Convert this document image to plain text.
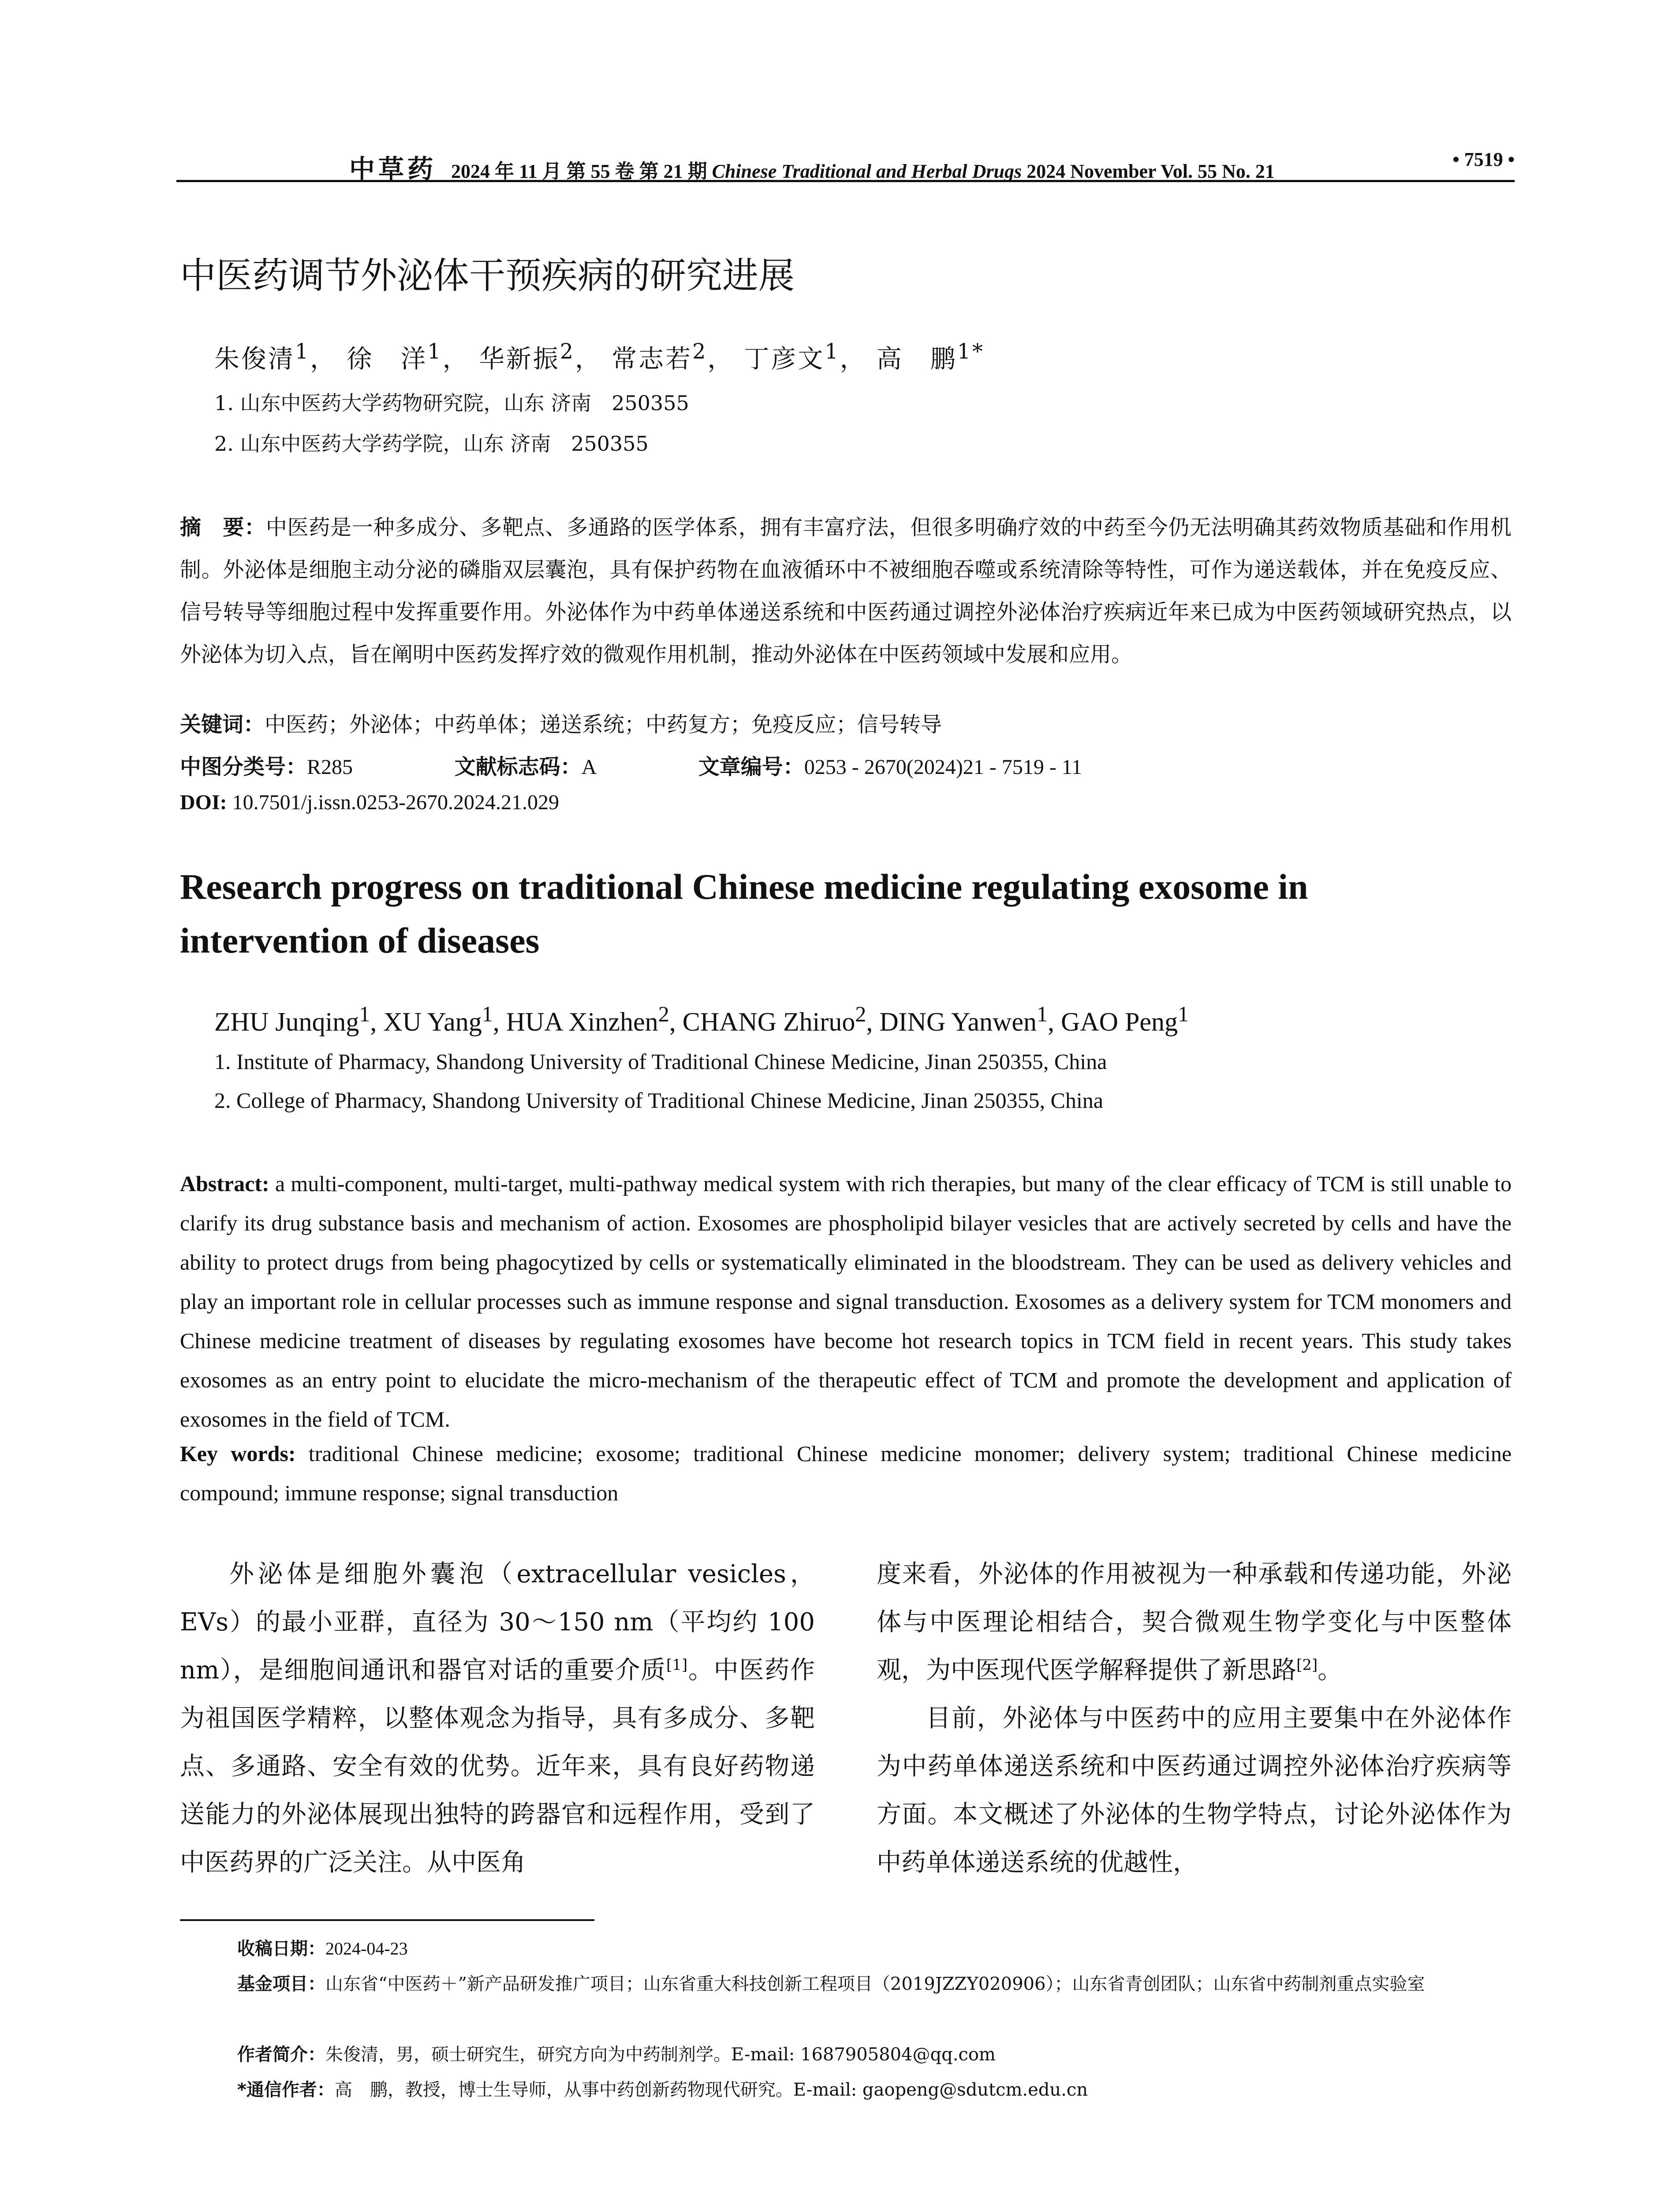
中草药 2024 年 11 月 第 55 卷 第 21 期 Chinese Traditional and Herbal Drugs 2024 November Vol. 55 No. 21
• 7519 •
中医药调节外泌体干预疾病的研究进展
朱俊清$^1$， 徐　洋$^1$， 华新振$^2$， 常志若$^2$， 丁彦文$^1$， 高　鹏$^{1*}$
1. 山东中医药大学药物研究院，山东 济南　250355
2. 山东中医药大学药学院，山东 济南　250355
摘　要：中医药是一种多成分、多靶点、多通路的医学体系，拥有丰富疗法，但很多明确疗效的中药至今仍无法明确其药效物质基础和作用机制。外泌体是细胞主动分泌的磷脂双层囊泡，具有保护药物在血液循环中不被细胞吞噬或系统清除等特性，可作为递送载体，并在免疫反应、信号转导等细胞过程中发挥重要作用。外泌体作为中药单体递送系统和中医药通过调控外泌体治疗疾病近年来已成为中医药领域研究热点，以外泌体为切入点，旨在阐明中医药发挥疗效的微观作用机制，推动外泌体在中医药领域中发展和应用。
关键词：中医药；外泌体；中药单体；递送系统；中药复方；免疫反应；信号转导
中图分类号：R285	文献标志码：A	文章编号：0253 - 2670(2024)21 - 7519 - 11
DOI: 10.7501/j.issn.0253-2670.2024.21.029
Research progress on traditional Chinese medicine regulating exosome in intervention of diseases
ZHU Junqing$^1$, XU Yang$^1$, HUA Xinzhen$^2$, CHANG Zhiruo$^2$, DING Yanwen$^1$, GAO Peng$^1$
1. Institute of Pharmacy, Shandong University of Traditional Chinese Medicine, Jinan 250355, China
2. College of Pharmacy, Shandong University of Traditional Chinese Medicine, Jinan 250355, China
Abstract: a multi-component, multi-target, multi-pathway medical system with rich therapies, but many of the clear efficacy of TCM is still unable to clarify its drug substance basis and mechanism of action. Exosomes are phospholipid bilayer vesicles that are actively secreted by cells and have the ability to protect drugs from being phagocytized by cells or systematically eliminated in the bloodstream. They can be used as delivery vehicles and play an important role in cellular processes such as immune response and signal transduction. Exosomes as a delivery system for TCM monomers and Chinese medicine treatment of diseases by regulating exosomes have become hot research topics in TCM field in recent years. This study takes exosomes as an entry point to elucidate the micro-mechanism of the therapeutic effect of TCM and promote the development and application of exosomes in the field of TCM.
Key words: traditional Chinese medicine; exosome; traditional Chinese medicine monomer; delivery system; traditional Chinese medicine compound; immune response; signal transduction

外泌体是细胞外囊泡（extracellular vesicles，EVs）的最小亚群，直径为 30～150 nm（平均约 100 nm），是细胞间通讯和器官对话的重要介质[1]。中医药作为祖国医学精粹，以整体观念为指导，具有多成分、多靶点、多通路、安全有效的优势。近年来，具有良好药物递送能力的外泌体展现出独特的跨器官和远程作用，受到了中医药界的广泛关注。从中医角

度来看，外泌体的作用被视为一种承载和传递功能，外泌体与中医理论相结合，契合微观生物学变化与中医整体观，为中医现代医学解释提供了新思路[2]。

目前，外泌体与中医药中的应用主要集中在外泌体作为中药单体递送系统和中医药通过调控外泌体治疗疾病等方面。本文概述了外泌体的生物学特点，讨论外泌体作为中药单体递送系统的优越性，

收稿日期：2024-04-23
基金项目：山东省“中医药＋”新产品研发推广项目；山东省重大科技创新工程项目（2019JZZY020906）；山东省青创团队；山东省中药制剂重点实验室
作者简介：朱俊清，男，硕士研究生，研究方向为中药制剂学。E-mail: 1687905804@qq.com
*通信作者：高　鹏，教授，博士生导师，从事中药创新药物现代研究。E-mail: gaopeng@sdutcm.edu.cn
